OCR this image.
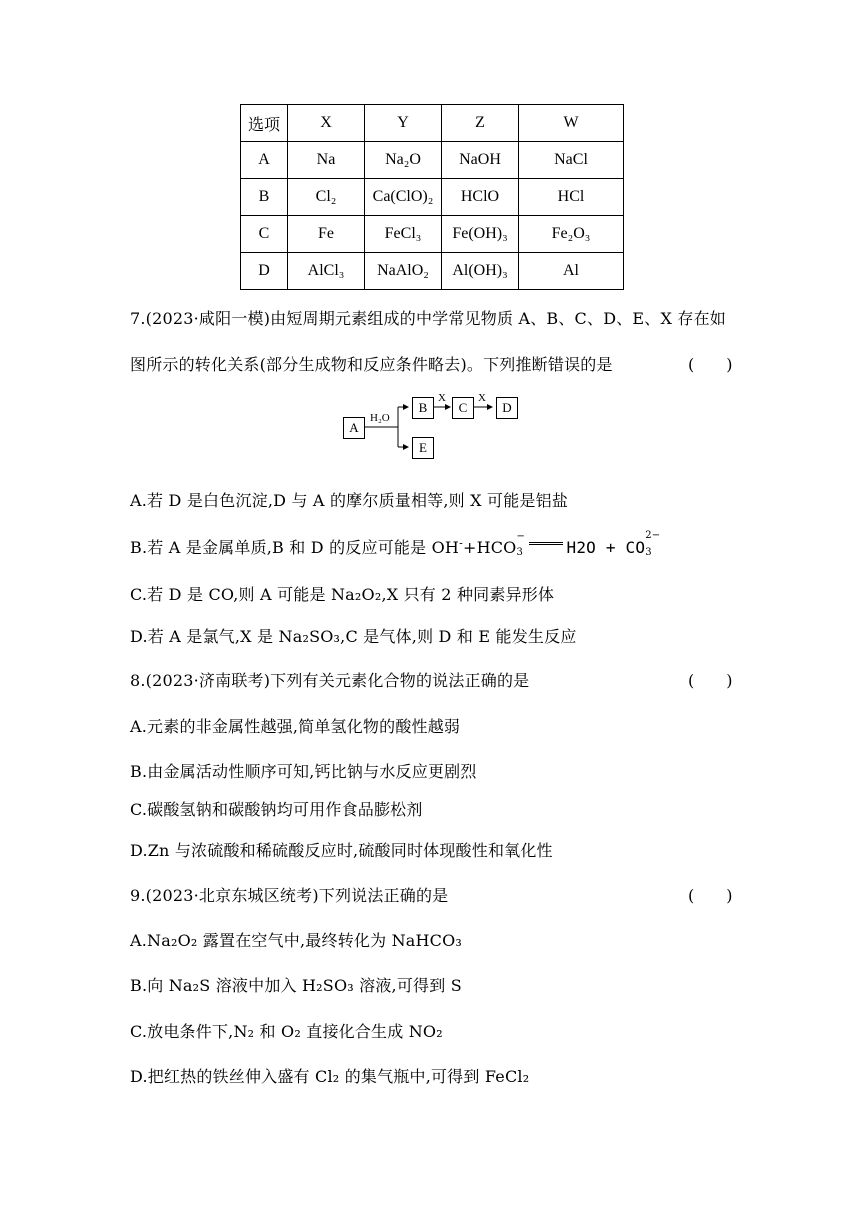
选项	X	Y	Z	W
A	Na	Na₂O	NaOH	NaCl
B	Cl₂	Ca(ClO)₂	HClO	HCl
C	Fe	FeCl₃	Fe(OH)₃	Fe₂O₃
D	AlCl₃	NaAlO₂	Al(OH)₃	Al
7.(2023·咸阳一模)由短周期元素组成的中学常见物质 A、B、C、D、E、X 存在如
图所示的转化关系(部分生成物和反应条件略去)。下列推断错误的是	(　　)
A
B	C	D
E
H₂O
X	X
A.若 D 是白色沉淀,D 与 A 的摩尔质量相等,则 X 可能是铝盐
B.若 A 是金属单质,B 和 D 的反应可能是 OH-+HCO
−
3	H2O + CO
2−
3
C.若 D 是 CO,则 A 可能是 Na₂O₂,X 只有 2 种同素异形体
D.若 A 是氯气,X 是 Na₂SO₃,C 是气体,则 D 和 E 能发生反应
8.(2023·济南联考)下列有关元素化合物的说法正确的是	(　　)
A.元素的非金属性越强,简单氢化物的酸性越弱
B.由金属活动性顺序可知,钙比钠与水反应更剧烈
C.碳酸氢钠和碳酸钠均可用作食品膨松剂
D.Zn 与浓硫酸和稀硫酸反应时,硫酸同时体现酸性和氧化性
9.(2023·北京东城区统考)下列说法正确的是	(　　)
A.Na₂O₂ 露置在空气中,最终转化为 NaHCO₃
B.向 Na₂S 溶液中加入 H₂SO₃ 溶液,可得到 S
C.放电条件下,N₂ 和 O₂ 直接化合生成 NO₂
D.把红热的铁丝伸入盛有 Cl₂ 的集气瓶中,可得到 FeCl₂
